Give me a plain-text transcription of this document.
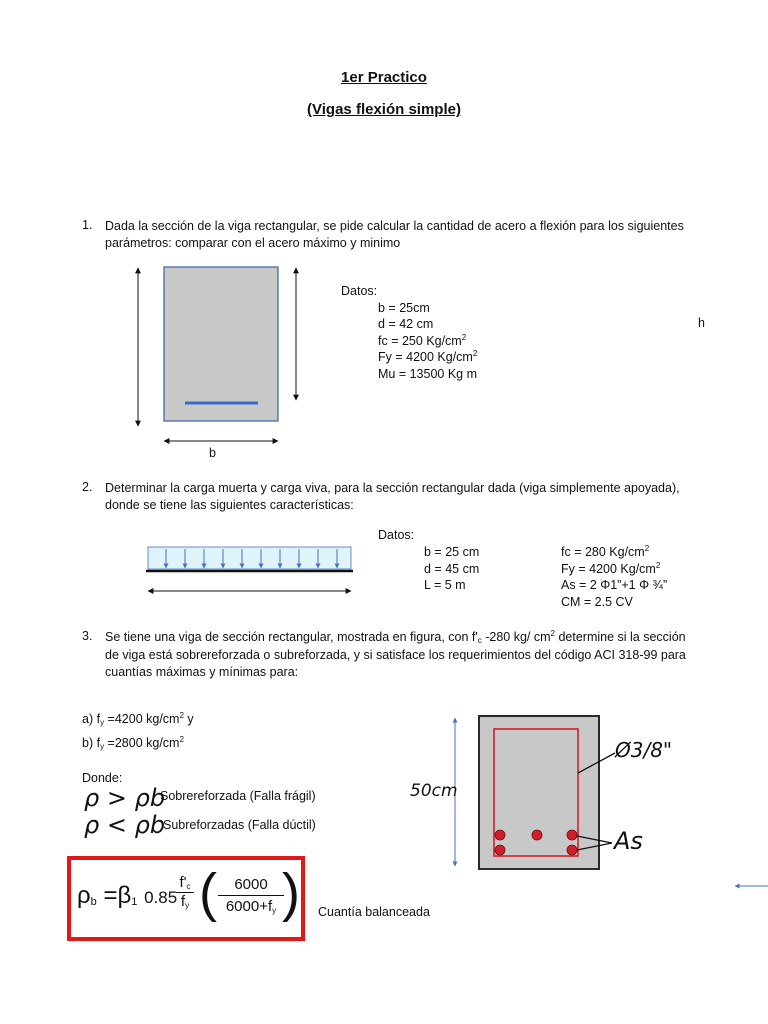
1er Practico
(Vigas flexión simple)
1. Dada la sección de la viga rectangular, se pide calcular la cantidad de acero a flexión para los siguientes
parámetros: comparar con el acero máximo y minimo
b
Datos:
b = 25cm
d = 42 cm
fc = 250 $Kg/cm^2$
Fy = 4200 $Kg/cm^2$
Mu = 13500 Kg m
h
2. Determinar la carga muerta y carga viva, para la sección rectangular dada (viga simplemente apoyada),
donde se tiene las siguientes características:
Datos:
b = 25 cm
d = 45 cm
L = 5 m
fc = 280 $Kg/cm^2$
Fy = 4200 $Kg/cm^2$
As = 2 Φ1”+1 Φ ¾”
CM = 2.5 CV
3. Se tiene una viga de sección rectangular, mostrada en figura, con $f'_c$ -280 kg/ $cm^2$ determine si la sección
de viga está sobrereforzada o subreforzada, y si satisface los requerimientos del código ACI 318-99 para
cuantías máximas y mínimas para:
a) $f_y =4200$ $kg/cm^2$ y
b) $f_y =2800$ $kg/cm^2$
Donde:
ρ > ρb
Sobrereforzada (Falla frágil)
ρ < ρb
Subreforzadas (Falla dúctil)
$\rho_b =\beta_1$ 0.85
$f'_c$
$f_y$ (	6000
$6000+f_y$ ) Cuantía balanceada
50cm
Ø3/8"
As
